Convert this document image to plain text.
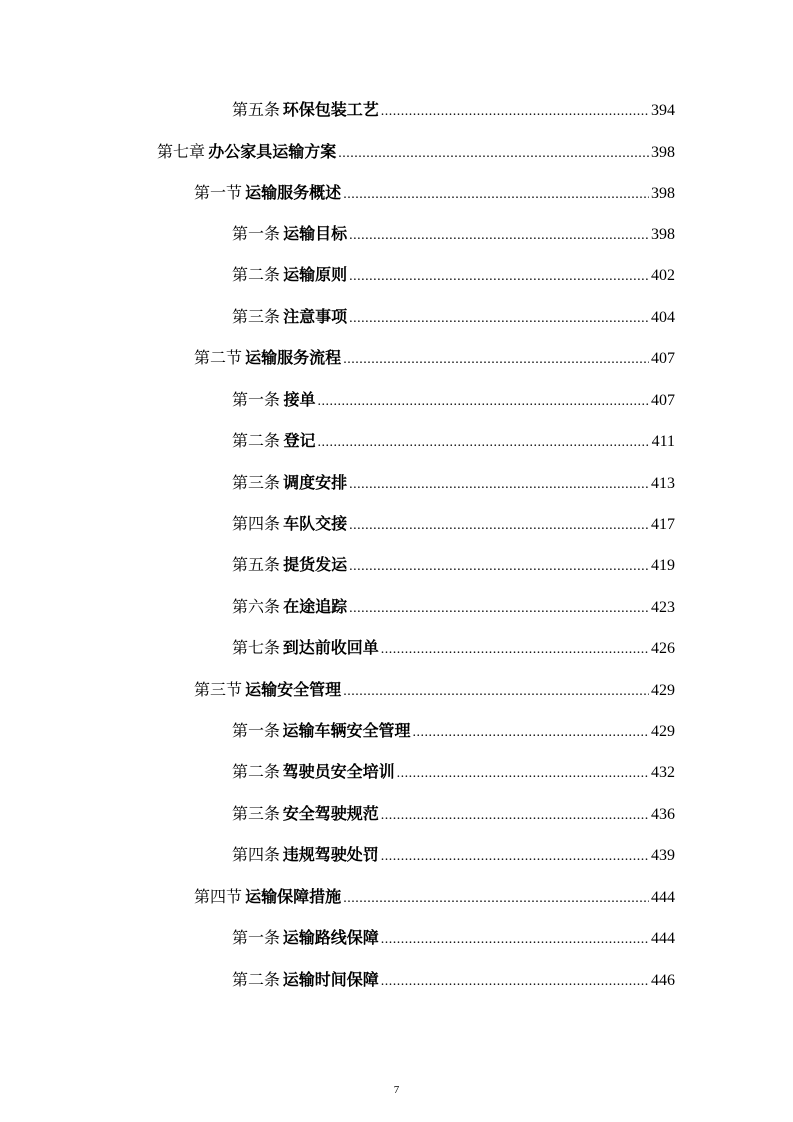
第五条 环保包装工艺 .....	394
第七章 办公家具运输方案 .....	398
第一节 运输服务概述 .....	398
第一条 运输目标 .....	398
第二条 运输原则 .....	402
第三条 注意事项 .....	404
第二节 运输服务流程 .....	407
第一条 接单 .....	407
第二条 登记 .....	411
第三条 调度安排 .....	413
第四条 车队交接 .....	417
第五条 提货发运 .....	419
第六条 在途追踪 .....	423
第七条 到达前收回单 .....	426
第三节 运输安全管理 .....	429
第一条 运输车辆安全管理 .....	429
第二条 驾驶员安全培训 .....	432
第三条 安全驾驶规范 .....	436
第四条 违规驾驶处罚 .....	439
第四节 运输保障措施 .....	444
第一条 运输路线保障 .....	444
第二条 运输时间保障 .....	446
7
